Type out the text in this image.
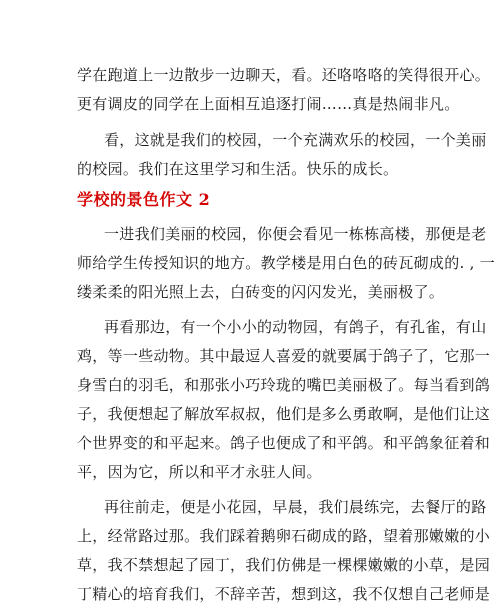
学在跑道上一边散步一边聊天，看。还咯咯咯的笑得很开心。
更有调皮的同学在上面相互追逐打闹……真是热闹非凡。
看，这就是我们的校园，一个充满欢乐的校园，一个美丽
的校园。我们在这里学习和生活。快乐的成长。
学校的景色作文 2
一进我们美丽的校园，你便会看见一栋栋高楼，那便是老
师给学生传授知识的地方。教学楼是用白色的砖瓦砌成的. , 一
缕柔柔的阳光照上去，白砖变的闪闪发光，美丽极了。
再看那边，有一个小小的动物园，有鸽子，有孔雀，有山
鸡，等一些动物。其中最逗人喜爱的就要属于鸽子了，它那一
身雪白的羽毛，和那张小巧玲珑的嘴巴美丽极了。每当看到鸽
子，我便想起了解放军叔叔，他们是多么勇敢啊，是他们让这
个世界变的和平起来。鸽子也便成了和平鸽。和平鸽象征着和
平，因为它，所以和平才永驻人间。
再往前走，便是小花园，早晨，我们晨练完，去餐厅的路
上，经常路过那。我们踩着鹅卵石砌成的路，望着那嫩嫩的小
草，我不禁想起了园丁，我们仿佛是一棵棵嫩嫩的小草，是园
丁精心的培育我们，不辞辛苦，想到这，我不仅想自己老师是
